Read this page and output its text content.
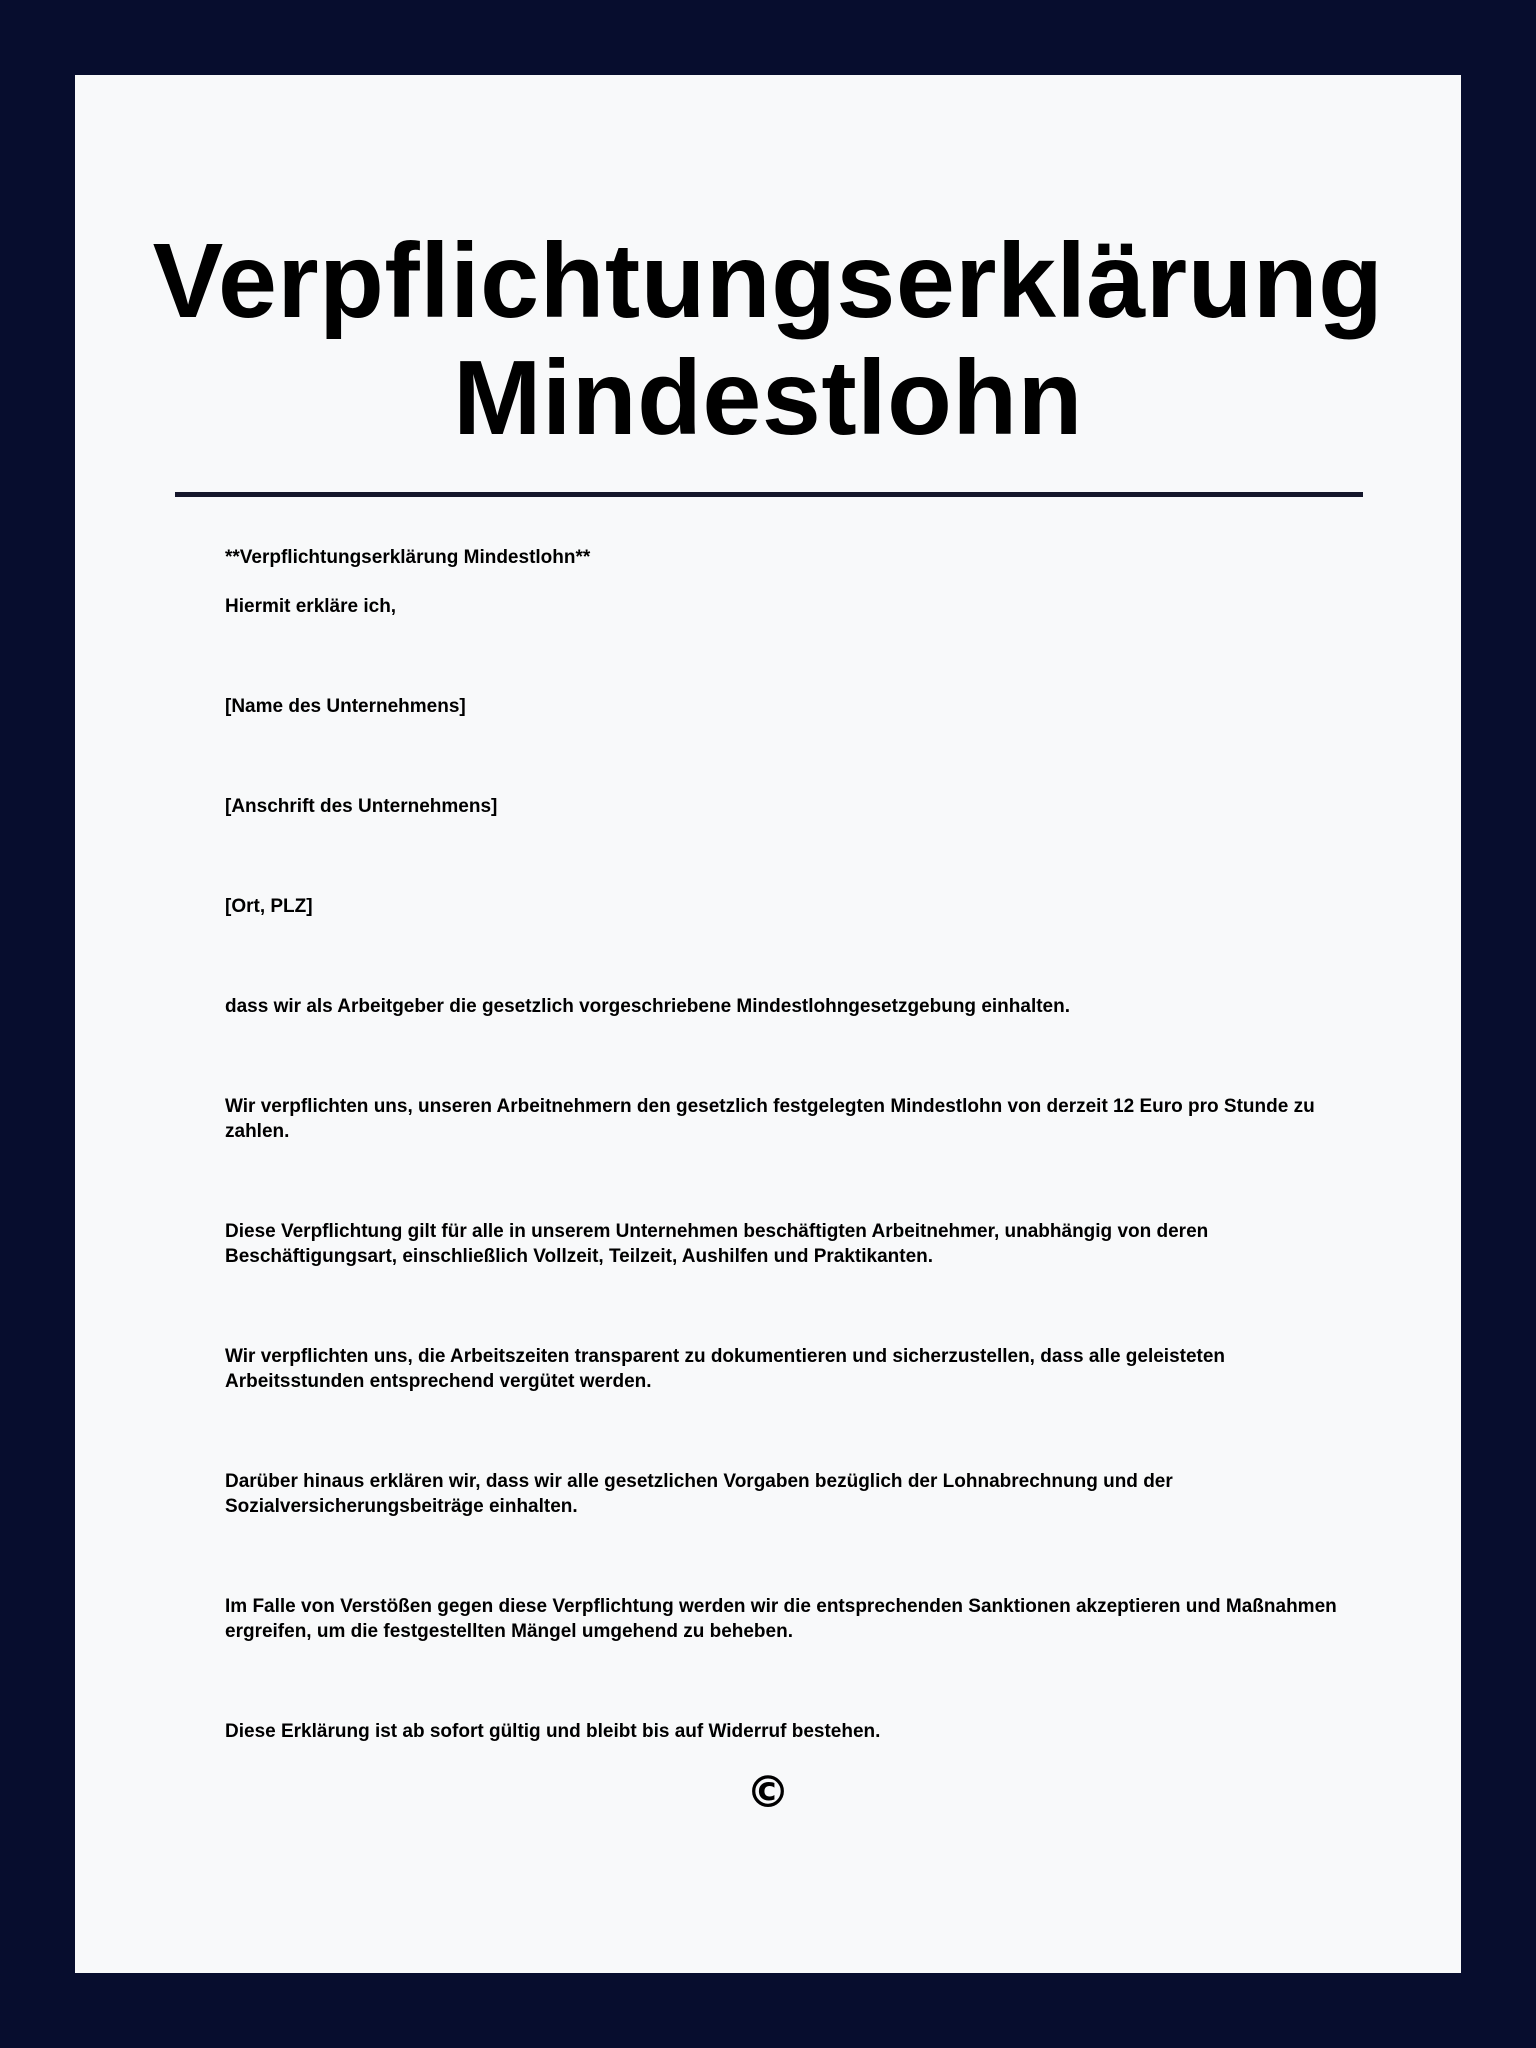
Verpflichtungserklärung
Mindestlohn

**Verpflichtungserklärung Mindestlohn**

Hiermit erkläre ich,

[Name des Unternehmens]

[Anschrift des Unternehmens]

[Ort, PLZ]

dass wir als Arbeitgeber die gesetzlich vorgeschriebene Mindestlohngesetzgebung einhalten.

Wir verpflichten uns, unseren Arbeitnehmern den gesetzlich festgelegten Mindestlohn von derzeit 12 Euro pro Stunde zu zahlen.

Diese Verpflichtung gilt für alle in unserem Unternehmen beschäftigten Arbeitnehmer, unabhängig von deren Beschäftigungsart, einschließlich Vollzeit, Teilzeit, Aushilfen und Praktikanten.

Wir verpflichten uns, die Arbeitszeiten transparent zu dokumentieren und sicherzustellen, dass alle geleisteten Arbeitsstunden entsprechend vergütet werden.

Darüber hinaus erklären wir, dass wir alle gesetzlichen Vorgaben bezüglich der Lohnabrechnung und der Sozialversicherungsbeiträge einhalten.

Im Falle von Verstößen gegen diese Verpflichtung werden wir die entsprechenden Sanktionen akzeptieren und Maßnahmen ergreifen, um die festgestellten Mängel umgehend zu beheben.

Diese Erklärung ist ab sofort gültig und bleibt bis auf Widerruf bestehen.

©
